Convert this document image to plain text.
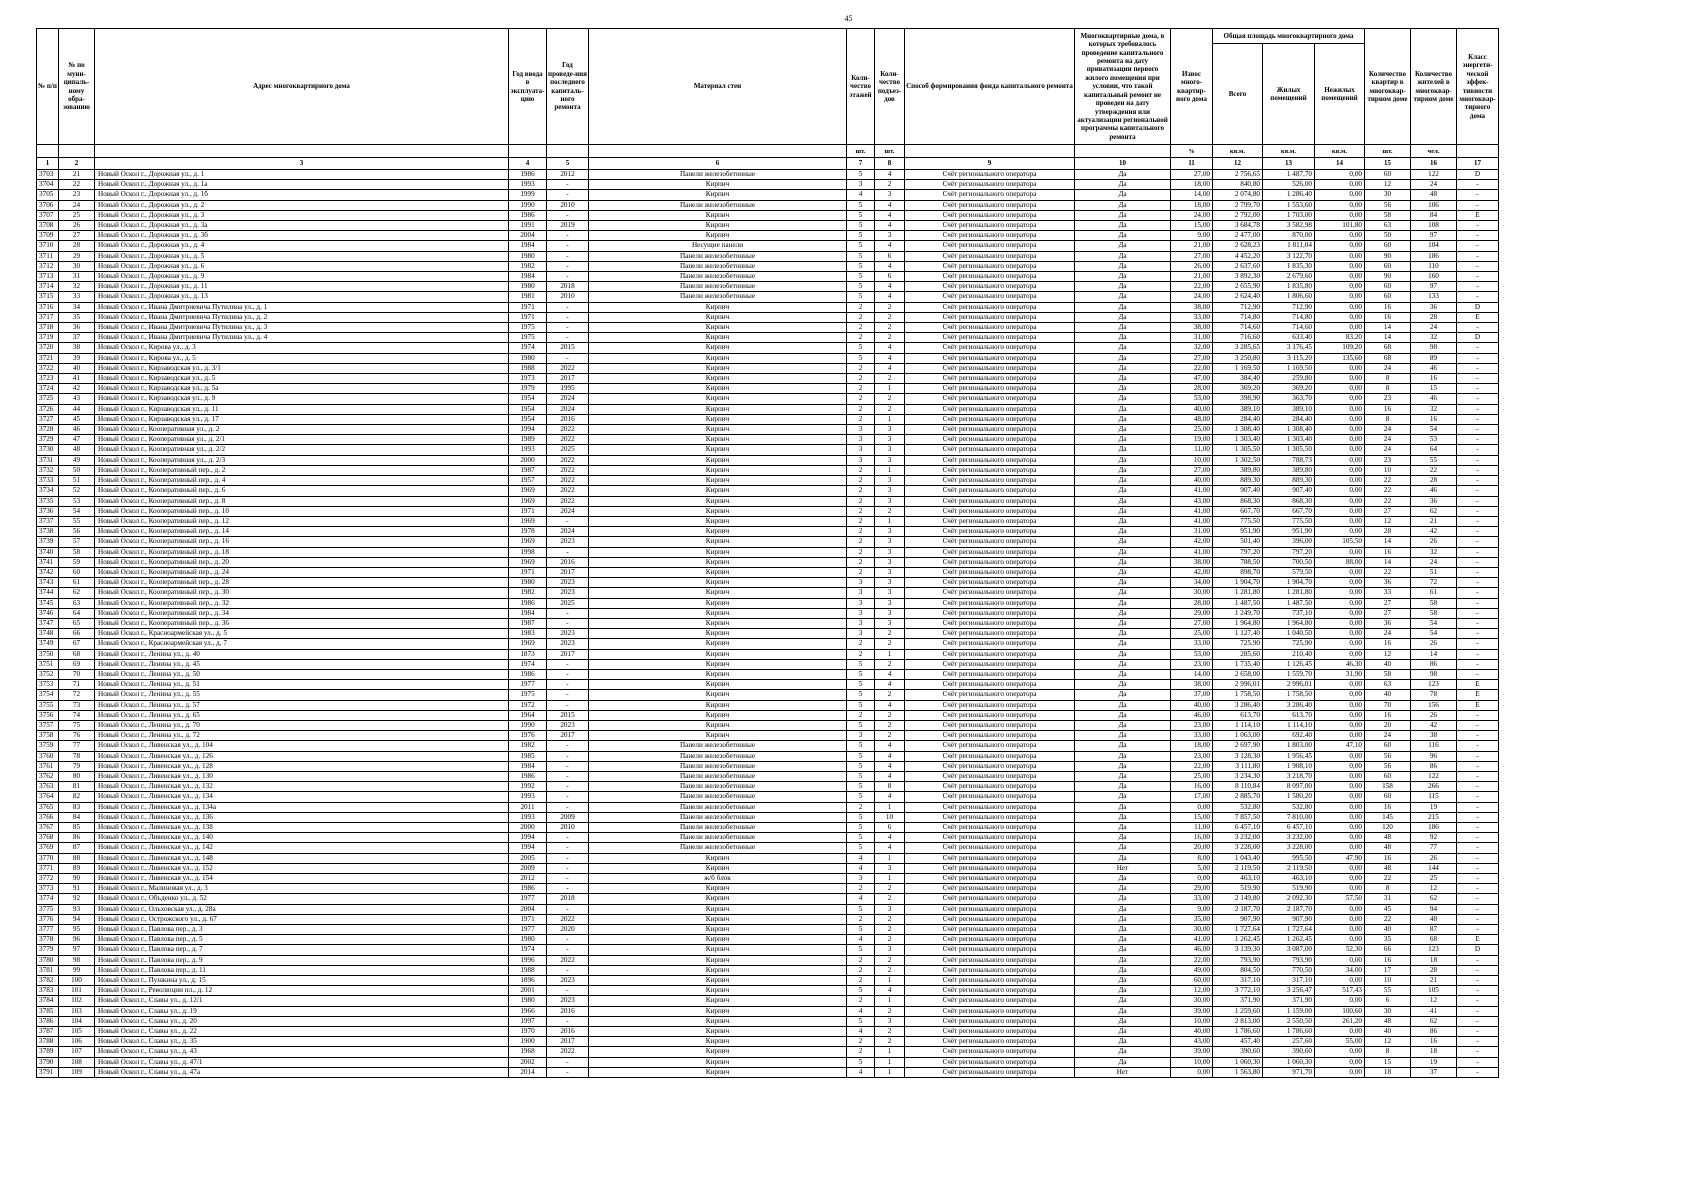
45
№ п/п	№ по муни-ципаль-ному обра-зованию	Адрес многоквартирного дома	Год ввода в эксплуата-цию	Год проведе-ния последнего капиталь-ного ремонта	Материал стен	Коли-чество этажей	Коли-чество подъез-дов	Способ формирования фонда капитального ремонта	Многоквартирные дома, в которых требовалось проведение капитального ремонта на дату приватизации первого жилого помещения при условии, что такой капитальный ремонт не проведен на дату утверждения или актуализации региональной программы капитального ремонта	Износ много-квартир-ного дома	Общая площадь многоквартирного дома			Количество квартир в многоквар-тирном доме	Количество жителей в многоквар-тирном доме	Класс энергети-ческой эффек-тивности многоквар-тирного дома
											Всего	Жилых помещений	Нежилых помещений			
						шт.	шт.			%	кв.м.	кв.м.	кв.м.	шт.	чел.	
1	2	3	4	5	6	7	8	9	10	11	12	13	14	15	16	17
3703	21	Новый Оскол г., Дорожная ул., д. 1	1986	2012	Панели железобетонные	5	4	Счёт регионального оператора	Да	27,00	2 756,65	1 487,70	0,00	60	122	D
3704	22	Новый Оскол г., Дорожная ул., д. 1а	1993	-	Кирпич	3	2	Счёт регионального оператора	Да	18,00	840,80	526,00	0,00	12	24	-
3705	23	Новый Оскол г., Дорожная ул., д. 1б	1999	-	Кирпич	4	3	Счёт регионального оператора	Да	14,00	2 074,80	1 286,40	0,00	30	48	-
3706	24	Новый Оскол г., Дорожная ул., д. 2	1990	2010	Панели железобетонные	5	4	Счёт регионального оператора	Да	18,00	2 799,70	1 553,60	0,00	56	106	-
3707	25	Новый Оскол г., Дорожная ул., д. 3	1986	-	Кирпич	5	4	Счёт регионального оператора	Да	24,00	2 792,00	1 703,00	0,00	58	84	E
3708	26	Новый Оскол г., Дорожная ул., д. 3а	1991	2019	Кирпич	5	4	Счёт регионального оператора	Да	15,00	3 684,78	3 582,98	101,80	63	108	-
3709	27	Новый Оскол г., Дорожная ул., д. 3б	2004	-	Кирпич	5	3	Счёт регионального оператора	Да	9,00	2 477,00	870,00	0,00	50	97	-
3710	28	Новый Оскол г., Дорожная ул., д. 4	1984	-	Несущие панели	5	4	Счёт регионального оператора	Да	21,00	2 628,23	1 811,04	0,00	60	104	-
3711	29	Новый Оскол г., Дорожная ул., д. 5	1980	-	Панели железобетонные	5	6	Счёт регионального оператора	Да	27,00	4 452,20	3 122,70	0,00	90	186	-
3712	30	Новый Оскол г., Дорожная ул., д. 6	1982	-	Панели железобетонные	5	4	Счёт регионального оператора	Да	26,00	2 637,60	1 835,30	0,00	60	110	-
3713	31	Новый Оскол г., Дорожная ул., д. 9	1984	-	Панели железобетонные	5	6	Счёт регионального оператора	Да	21,00	3 892,30	2 679,60	0,00	90	160	-
3714	32	Новый Оскол г., Дорожная ул., д. 11	1980	2018	Панели железобетонные	5	4	Счёт регионального оператора	Да	22,00	2 655,90	1 835,80	0,00	60	97	-
3715	33	Новый Оскол г., Дорожная ул., д. 13	1981	2010	Панели железобетонные	5	4	Счёт регионального оператора	Да	24,00	2 624,40	1 806,60	0,00	60	133	-
3716	34	Новый Оскол г., Ивана Дмитриевича Путилина ул., д. 1	1971	-	Кирпич	2	2	Счёт регионального оператора	Да	38,00	712,90	712,90	0,00	16	36	D
3717	35	Новый Оскол г., Ивана Дмитриевича Путилина ул., д. 2	1971	-	Кирпич	2	2	Счёт регионального оператора	Да	33,00	714,80	714,80	0,00	16	28	E
3718	36	Новый Оскол г., Ивана Дмитриевича Путилина ул., д. 3	1975	-	Кирпич	2	2	Счёт регионального оператора	Да	38,00	714,60	714,60	0,00	14	24	-
3719	37	Новый Оскол г., Ивана Дмитриевича Путилина ул., д. 4	1975	-	Кирпич	2	2	Счёт регионального оператора	Да	31,00	716,60	633,40	83,20	14	32	D
3720	38	Новый Оскол г., Кирова ул., д. 3	1974	2015	Кирпич	5	4	Счёт регионального оператора	Да	32,00	3 285,65	3 176,45	109,20	68	98	-
3721	39	Новый Оскол г., Кирова ул., д. 5	1980	-	Кирпич	5	4	Счёт регионального оператора	Да	27,00	3 250,80	3 115,20	135,60	68	89	-
3722	40	Новый Оскол г., Кирзаводская ул., д. 3/1	1988	2022	Кирпич	2	4	Счёт регионального оператора	Да	22,00	1 169,50	1 169,50	0,00	24	46	-
3723	41	Новый Оскол г., Кирзаводская ул., д. 5	1973	2017	Кирпич	2	2	Счёт регионального оператора	Да	47,00	384,40	259,80	0,00	8	16	-
3724	42	Новый Оскол г., Кирзаводская ул., д. 5а	1979	1995	Кирпич	2	1	Счёт регионального оператора	Да	28,00	369,20	369,20	0,00	8	15	-
3725	43	Новый Оскол г., Кирзаводская ул., д. 9	1954	2024	Кирпич	2	2	Счёт регионального оператора	Да	53,00	398,90	363,70	0,00	23	46	-
3726	44	Новый Оскол г., Кирзаводская ул., д. 11	1954	2024	Кирпич	2	2	Счёт регионального оператора	Да	40,00	389,10	389,10	0,00	16	32	-
3727	45	Новый Оскол г., Кирзаводская ул., д. 17	1954	2016	Кирпич	2	1	Счёт регионального оператора	Да	48,00	284,40	284,40	0,00	8	16	-
3728	46	Новый Оскол г., Кооперативная ул., д. 2	1994	2022	Кирпич	3	3	Счёт регионального оператора	Да	25,00	1 308,40	1 308,40	0,00	24	54	-
3729	47	Новый Оскол г., Кооперативная ул., д. 2/1	1989	2022	Кирпич	3	3	Счёт регионального оператора	Да	19,00	1 303,40	1 303,40	0,00	24	53	-
3730	48	Новый Оскол г., Кооперативная ул., д. 2/2	1993	2025	Кирпич	3	3	Счёт регионального оператора	Да	11,00	1 305,50	1 305,50	0,00	24	64	-
3731	49	Новый Оскол г., Кооперативная ул., д. 2/3	2000	2022	Кирпич	3	3	Счёт регионального оператора	Да	10,00	1 302,50	788,73	0,00	23	55	-
3732	50	Новый Оскол г., Кооперативный пер., д. 2	1987	2022	Кирпич	2	1	Счёт регионального оператора	Да	27,00	389,80	389,80	0,00	10	22	-
3733	51	Новый Оскол г., Кооперативный пер., д. 4	1957	2022	Кирпич	2	3	Счёт регионального оператора	Да	40,00	889,30	889,30	0,00	22	28	-
3734	52	Новый Оскол г., Кооперативный пер., д. 6	1969	2022	Кирпич	2	3	Счёт регионального оператора	Да	41,00	907,40	907,40	0,00	22	46	-
3735	53	Новый Оскол г., Кооперативный пер., д. 8	1969	2022	Кирпич	2	3	Счёт регионального оператора	Да	43,00	868,30	868,30	0,00	22	36	-
3736	54	Новый Оскол г., Кооперативный пер., д. 10	1971	2024	Кирпич	2	2	Счёт регионального оператора	Да	41,00	667,70	667,70	0,00	27	62	-
3737	55	Новый Оскол г., Кооперативный пер., д. 12	1969	-	Кирпич	2	1	Счёт регионального оператора	Да	41,00	775,50	775,50	0,00	12	21	-
3738	56	Новый Оскол г., Кооперативный пер., д. 14	1978	2024	Кирпич	2	3	Счёт регионального оператора	Да	31,00	951,90	951,90	0,00	28	42	-
3739	57	Новый Оскол г., Кооперативный пер., д. 16	1969	2023	Кирпич	2	3	Счёт регионального оператора	Да	42,00	501,40	396,00	105,50	14	26	-
3740	58	Новый Оскол г., Кооперативный пер., д. 18	1998	-	Кирпич	2	3	Счёт регионального оператора	Да	41,00	797,20	797,20	0,00	16	32	-
3741	59	Новый Оскол г., Кооперативный пер., д. 20	1969	2016	Кирпич	2	3	Счёт регионального оператора	Да	38,00	788,50	700,50	88,00	14	24	-
3742	60	Новый Оскол г., Кооперативный пер., д. 24	1971	2017	Кирпич	2	3	Счёт регионального оператора	Да	42,00	898,70	579,50	0,00	22	51	-
3743	61	Новый Оскол г., Кооперативный пер., д. 28	1980	2023	Кирпич	3	3	Счёт регионального оператора	Да	34,00	1 904,70	1 904,70	0,00	36	72	-
3744	62	Новый Оскол г., Кооперативный пер., д. 30	1982	2023	Кирпич	3	3	Счёт регионального оператора	Да	30,00	1 281,80	1 281,80	0,00	33	61	-
3745	63	Новый Оскол г., Кооперативный пер., д. 32	1986	2025	Кирпич	3	3	Счёт регионального оператора	Да	28,00	1 487,50	1 487,50	0,00	27	58	-
3746	64	Новый Оскол г., Кооперативный пер., д. 34	1984	-	Кирпич	3	3	Счёт регионального оператора	Да	29,00	1 249,70	737,10	0,00	27	58	-
3747	65	Новый Оскол г., Кооперативный пер., д. 36	1987	-	Кирпич	3	3	Счёт регионального оператора	Да	27,00	1 964,80	1 964,80	0,00	36	54	-
3748	66	Новый Оскол г., Красноармейская ул., д. 5	1983	2023	Кирпич	3	2	Счёт регионального оператора	Да	25,00	1 127,40	1 040,50	0,00	24	54	-
3749	67	Новый Оскол г., Красноармейская ул., д. 7	1969	2023	Кирпич	2	2	Счёт регионального оператора	Да	33,00	725,90	725,90	0,00	16	26	-
3750	68	Новый Оскол г., Ленина ул., д. 40	1873	2017	Кирпич	2	1	Счёт регионального оператора	Да	53,00	285,60	210,40	0,00	12	14	-
3751	69	Новый Оскол г., Ленина ул., д. 45	1974	-	Кирпич	5	2	Счёт регионального оператора	Да	23,00	1 735,40	1 126,45	46,30	40	86	-
3752	70	Новый Оскол г., Ленина ул., д. 50	1986	-	Кирпич	5	4	Счёт регионального оператора	Да	14,00	2 658,00	1 559,70	31,90	58	98	-
3753	71	Новый Оскол г., Ленина ул., д. 51	1977	-	Кирпич	5	4	Счёт регионального оператора	Да	38,00	2 996,01	2 996,01	0,00	63	123	E
3754	72	Новый Оскол г., Ленина ул., д. 55	1975	-	Кирпич	5	2	Счёт регионального оператора	Да	37,00	1 758,50	1 758,50	0,00	40	78	E
3755	73	Новый Оскол г., Ленина ул., д. 57	1972	-	Кирпич	5	4	Счёт регионального оператора	Да	40,00	3 286,40	3 286,40	0,00	70	156	E
3756	74	Новый Оскол г., Ленина ул., д. 65	1964	2015	Кирпич	2	2	Счёт регионального оператора	Да	46,00	613,70	613,70	0,00	16	26	-
3757	75	Новый Оскол г., Ленина ул., д. 70	1990	2023	Кирпич	5	2	Счёт регионального оператора	Да	23,00	1 114,10	1 114,10	0,00	20	42	-
3758	76	Новый Оскол г., Ленина ул., д. 72	1976	2017	Кирпич	3	2	Счёт регионального оператора	Да	33,00	1 063,00	692,40	0,00	24	38	-
3759	77	Новый Оскол г., Ливенская ул., д. 104	1982	-	Панели железобетонные	5	4	Счёт регионального оператора	Да	18,00	2 697,90	1 803,00	47,10	60	116	-
3760	78	Новый Оскол г., Ливенская ул., д. 126	1985	-	Панели железобетонные	5	4	Счёт регионального оператора	Да	23,00	3 128,30	1 956,45	0,00	56	96	-
3761	79	Новый Оскол г., Ливенская ул., д. 128	1984	-	Панели железобетонные	5	4	Счёт регионального оператора	Да	22,00	3 111,80	1 908,10	0,00	56	86	-
3762	80	Новый Оскол г., Ливенская ул., д. 130	1986	-	Панели железобетонные	5	4	Счёт регионального оператора	Да	25,00	3 234,30	3 218,70	0,00	60	122	-
3763	81	Новый Оскол г., Ливенская ул., д. 132	1992	-	Панели железобетонные	5	8	Счёт регионального оператора	Да	16,00	8 110,84	8 097,00	0,00	158	266	-
3764	82	Новый Оскол г., Ливенская ул., д. 134	1993	-	Панели железобетонные	5	4	Счёт регионального оператора	Да	17,00	2 885,70	1 580,20	0,00	60	115	-
3765	83	Новый Оскол г., Ливенская ул., д. 134а	2011	-	Панели железобетонные	2	1	Счёт регионального оператора	Да	0,00	532,80	532,80	0,00	16	19	-
3766	84	Новый Оскол г., Ливенская ул., д. 136	1993	2009	Панели железобетонные	5	10	Счёт регионального оператора	Да	15,00	7 857,50	7 810,00	0,00	145	215	-
3767	85	Новый Оскол г., Ливенская ул., д. 138	2000	2010	Панели железобетонные	5	6	Счёт регионального оператора	Да	11,00	6 457,10	6 457,10	0,00	120	186	-
3768	86	Новый Оскол г., Ливенская ул., д. 140	1994	-	Панели железобетонные	5	4	Счёт регионального оператора	Да	16,00	3 232,00	3 232,00	0,00	48	92	-
3769	87	Новый Оскол г., Ливенская ул., д. 142	1994	-	Панели железобетонные	5	4	Счёт регионального оператора	Да	20,00	3 228,00	3 228,00	0,00	48	77	-
3770	88	Новый Оскол г., Ливенская ул., д. 148	2005	-	Кирпич	4	1	Счёт регионального оператора	Да	8,00	1 043,40	995,50	47,90	16	26	-
3771	89	Новый Оскол г., Ливенская ул., д. 152	2009	-	Кирпич	4	3	Счёт регионального оператора	Нет	5,00	2 119,50	2 119,50	0,00	48	144	-
3772	90	Новый Оскол г., Ливенская ул., д. 154	2012	-	ж/б блок	3	1	Счёт регионального оператора	Да	0,00	463,10	463,10	0,00	22	25	-
3773	91	Новый Оскол г., Малиновая ул., д. 3	1986	-	Кирпич	2	2	Счёт регионального оператора	Да	29,00	519,90	519,90	0,00	8	12	-
3774	92	Новый Оскол г., Объденко ул., д. 52	1977	2018	Кирпич	4	2	Счёт регионального оператора	Да	33,00	2 149,80	2 092,30	57,50	31	62	-
3775	93	Новый Оскол г., Ольховская ул., д. 28а	2004	-	Кирпич	5	3	Счёт регионального оператора	Да	9,00	2 187,70	2 187,70	0,00	45	94	-
3776	94	Новый Оскол г., Острожского ул., д. 67	1971	2022	Кирпич	2	2	Счёт регионального оператора	Да	35,00	907,90	907,90	0,00	22	48	-
3777	95	Новый Оскол г., Павлова пер., д. 3	1977	2020	Кирпич	5	2	Счёт регионального оператора	Да	30,00	1 727,64	1 727,64	0,00	40	87	-
3778	96	Новый Оскол г., Павлова пер., д. 5	1980	-	Кирпич	4	2	Счёт регионального оператора	Да	41,00	1 262,45	1 262,45	0,00	35	68	E
3779	97	Новый Оскол г., Павлова пер., д. 7	1974	-	Кирпич	5	3	Счёт регионального оператора	Да	46,00	3 139,30	3 087,00	52,30	66	123	D
3780	98	Новый Оскол г., Павлова пер., д. 9	1996	2022	Кирпич	2	2	Счёт регионального оператора	Да	22,00	793,90	793,90	0,00	16	18	-
3781	99	Новый Оскол г., Павлова пер., д. 11	1988	-	Кирпич	2	2	Счёт регионального оператора	Да	49,00	804,50	770,50	34,00	17	28	-
3782	100	Новый Оскол г., Пушкина ул., д. 15	1896	2023	Кирпич	2	1	Счёт регионального оператора	Да	60,00	317,10	317,10	0,00	10	21	-
3783	101	Новый Оскол г., Революции пл., д. 12	2001	-	Кирпич	5	4	Счёт регионального оператора	Да	12,00	3 772,10	3 256,47	517,43	55	105	-
3784	102	Новый Оскол г., Славы ул., д. 12/1	1980	2023	Кирпич	2	1	Счёт регионального оператора	Да	30,00	371,90	371,90	0,00	6	12	-
3785	103	Новый Оскол г., Славы ул., д. 19	1966	2016	Кирпич	4	2	Счёт регионального оператора	Да	39,00	1 259,60	1 159,00	100,60	30	41	-
3786	104	Новый Оскол г., Славы ул., д. 20	1997	-	Кирпич	5	3	Счёт регионального оператора	Да	10,00	2 813,00	2 550,50	261,20	48	62	-
3787	105	Новый Оскол г., Славы ул., д. 22	1970	2016	Кирпич	4	2	Счёт регионального оператора	Да	40,00	1 786,60	1 786,60	0,00	40	86	-
3788	106	Новый Оскол г., Славы ул., д. 35	1900	2017	Кирпич	2	2	Счёт регионального оператора	Да	43,00	457,40	257,60	55,00	12	16	-
3789	107	Новый Оскол г., Славы ул., д. 43	1968	2022	Кирпич	2	1	Счёт регионального оператора	Да	39,00	390,60	390,60	0,00	8	18	-
3790	108	Новый Оскол г., Славы ул., д. 47/1	2002	-	Кирпич	5	1	Счёт регионального оператора	Да	10,00	1 060,30	1 060,30	0,00	15	19	-
3791	109	Новый Оскол г., Славы ул., д. 47а	2014	-	Кирпич	4	1	Счёт регионального оператора	Нет	0,00	1 563,80	971,70	0,00	18	37	-
